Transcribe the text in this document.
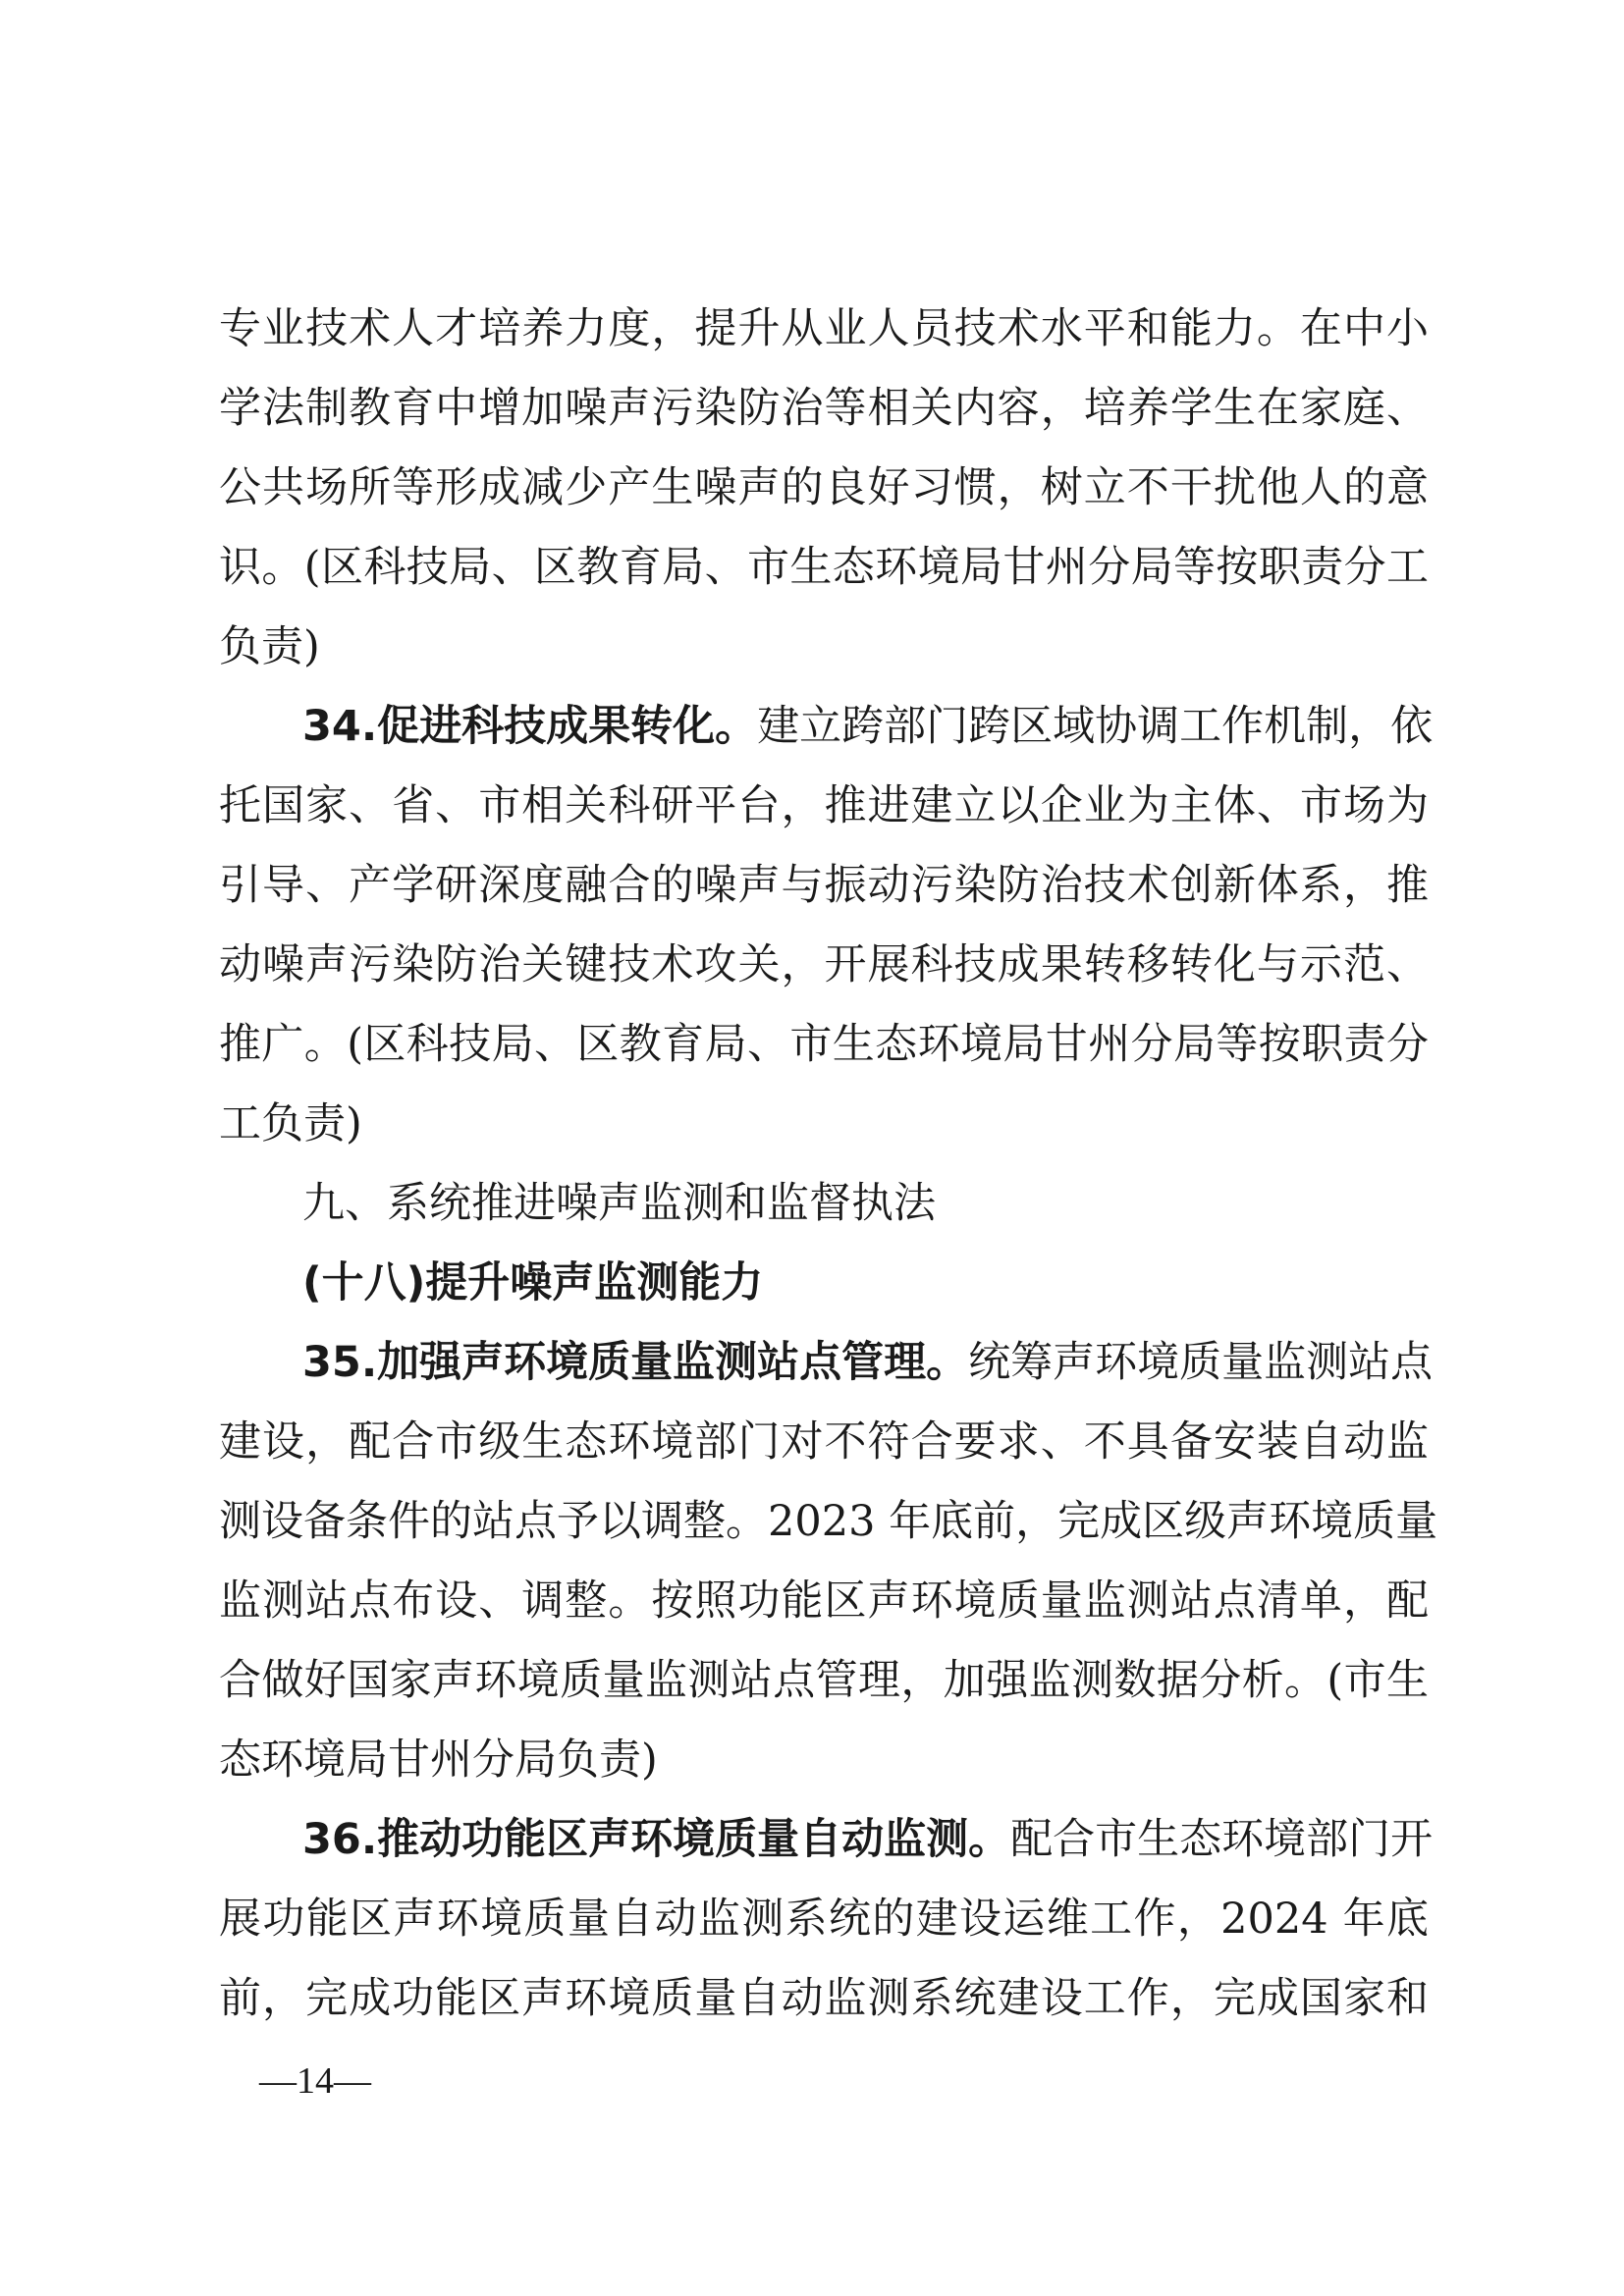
专业技术人才培养力度，提升从业人员技术水平和能力。在中小
学法制教育中增加噪声污染防治等相关内容，培养学生在家庭、
公共场所等形成减少产生噪声的良好习惯，树立不干扰他人的意
识。(区科技局、区教育局、市生态环境局甘州分局等按职责分工
负责)
34.促进科技成果转化。建立跨部门跨区域协调工作机制，依
托国家、省、市相关科研平台，推进建立以企业为主体、市场为
引导、产学研深度融合的噪声与振动污染防治技术创新体系，推
动噪声污染防治关键技术攻关，开展科技成果转移转化与示范、
推广。(区科技局、区教育局、市生态环境局甘州分局等按职责分
工负责)
九、系统推进噪声监测和监督执法
(十八)提升噪声监测能力
35.加强声环境质量监测站点管理。统筹声环境质量监测站点
建设，配合市级生态环境部门对不符合要求、不具备安装自动监
测设备条件的站点予以调整。2023 年底前，完成区级声环境质量
监测站点布设、调整。按照功能区声环境质量监测站点清单，配
合做好国家声环境质量监测站点管理，加强监测数据分析。(市生
态环境局甘州分局负责)
36.推动功能区声环境质量自动监测。配合市生态环境部门开
展功能区声环境质量自动监测系统的建设运维工作，2024 年底
前，完成功能区声环境质量自动监测系统建设工作，完成国家和
—14—
